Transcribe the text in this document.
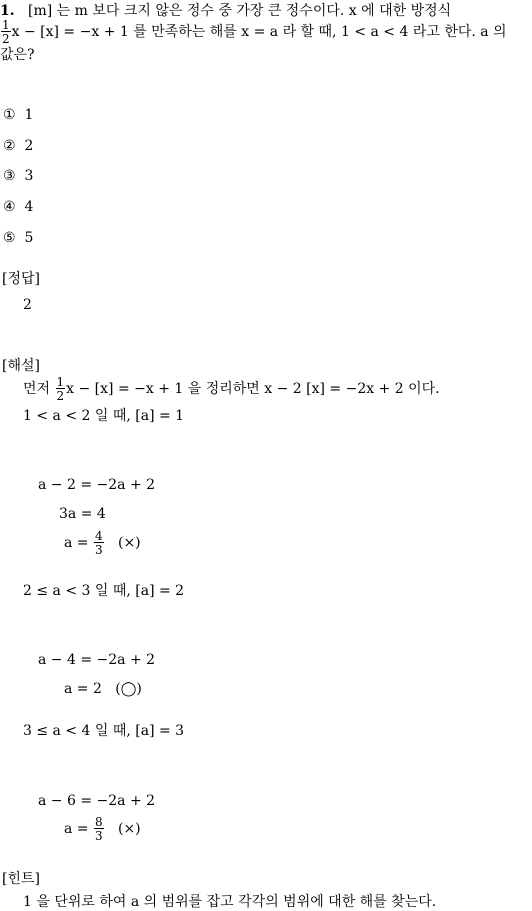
1. [m] 는 m 보다 크지 않은 정수 중 가장 큰 정수이다. x 에 대한 방정식
$\frac{1}{2}$ x − [x] = −x + 1 를 만족하는 해를 x = a 라 할 때, 1 < a < 4 라고 한다. a 의
값은?
① 1
② 2
③ 3
④ 4
⑤ 5
[정답]
2
[해설]
먼저 $\frac{1}{2}$ x − [x] = −x + 1 을 정리하면 x − 2 [x] = −2x + 2 이다.
1 < a < 2 일 때, [a] = 1
a − 2 = −2a + 2
3a = 4
$a = \frac{4}{3}$ (×)
2 ≤ a < 3 일 때, [a] = 2
a − 4 = −2a + 2
a = 2 (◯)
3 ≤ a < 4 일 때, [a] = 3
a − 6 = −2a + 2
$a = \frac{8}{3}$ (×)
[힌트]
1 을 단위로 하여 a 의 범위를 잡고 각각의 범위에 대한 해를 찾는다.
